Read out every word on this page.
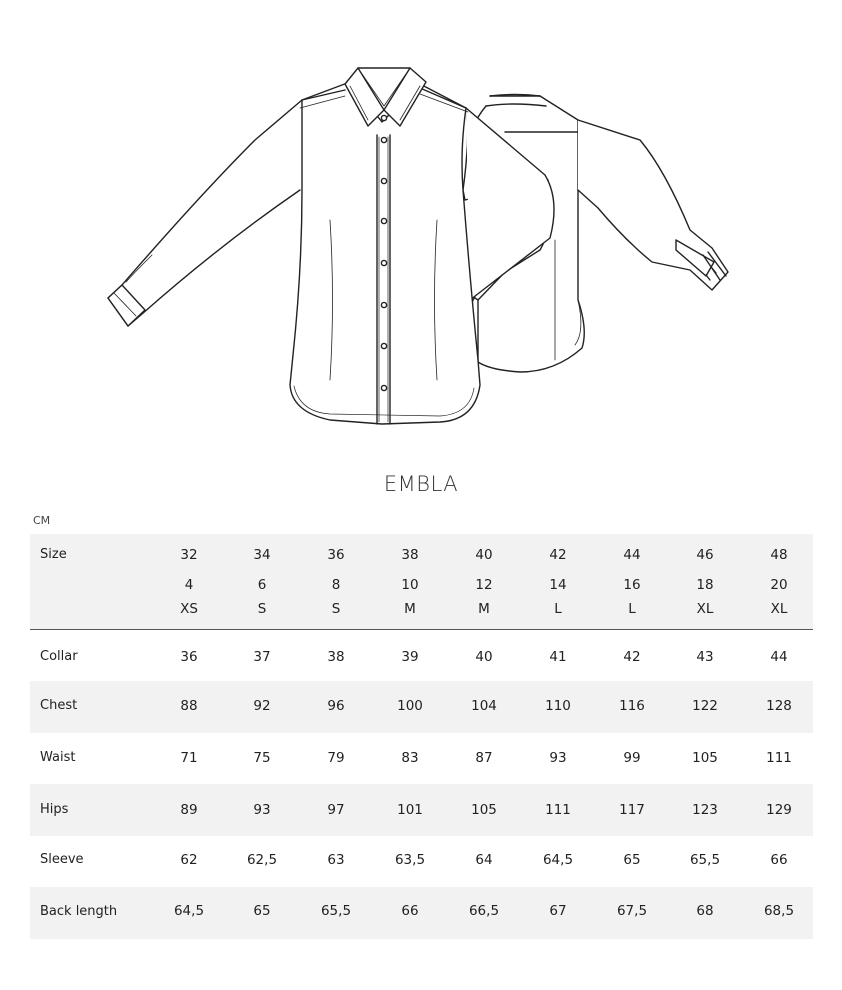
EMBLA
CM
Size	32	34	36	38	40	42	44	46	48
4	6	8	10	12	14	16	18	20
XS	S	S	M	M	L	L	XL	XL
Collar	36	37	38	39	40	41	42	43	44
Chest	88	92	96	100	104	110	116	122	128
Waist	71	75	79	83	87	93	99	105	111
Hips	89	93	97	101	105	111	117	123	129
Sleeve	62	62,5	63	63,5	64	64,5	65	65,5	66
Back length	64,5	65	65,5	66	66,5	67	67,5	68	68,5
